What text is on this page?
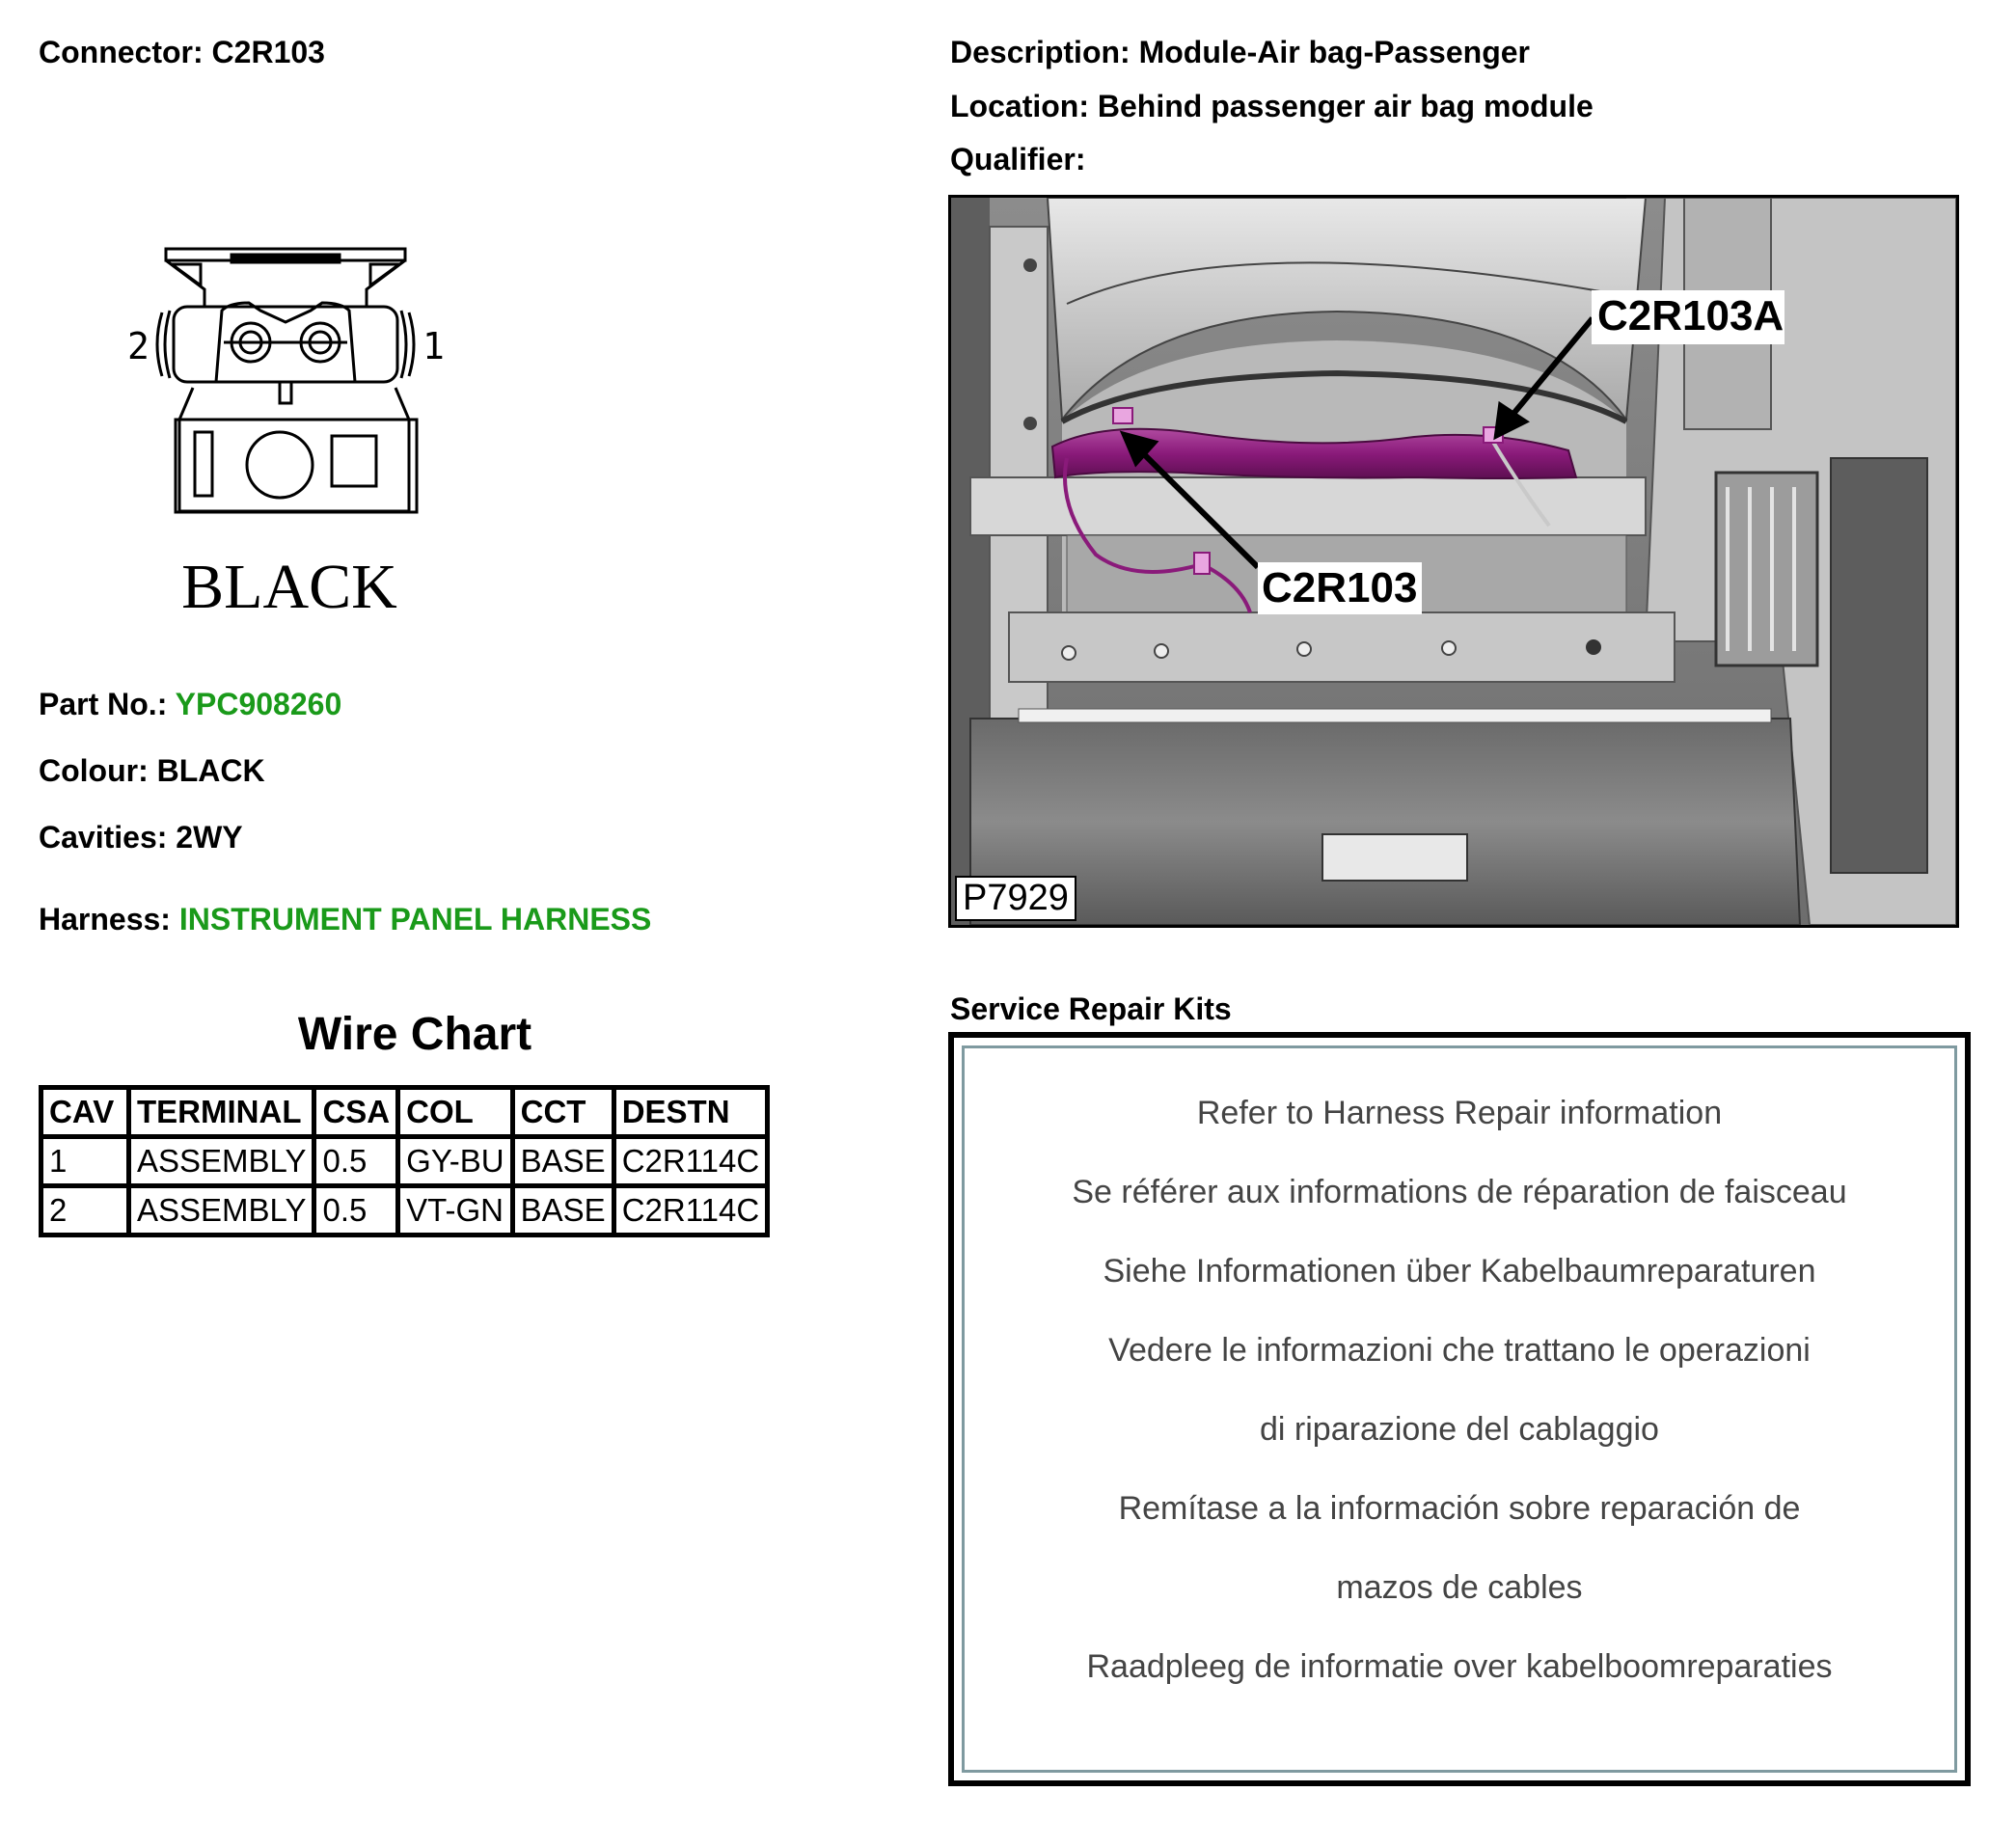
Connector: C2R103	Description: Module-Air bag-Passenger
Location: Behind passenger air bag module
Qualifier:
2	1
BLACK
Part No.: YPC908260
Colour: BLACK
Cavities: 2WY
Harness: INSTRUMENT PANEL HARNESS
Wire Chart
CAV	TERMINAL	CSA	COL	CCT	DESTN
1	ASSEMBLY	0.5	GY-BU	BASE	C2R114C
2	ASSEMBLY	0.5	VT-GN	BASE	C2R114C
C2R103A
C2R103
P7929
Service Repair Kits
Refer to Harness Repair information
Se référer aux informations de réparation de faisceau
Siehe Informationen über Kabelbaumreparaturen
Vedere le informazioni che trattano le operazioni
di riparazione del cablaggio
Remítase a la información sobre reparación de
mazos de cables
Raadpleeg de informatie over kabelboomreparaties
